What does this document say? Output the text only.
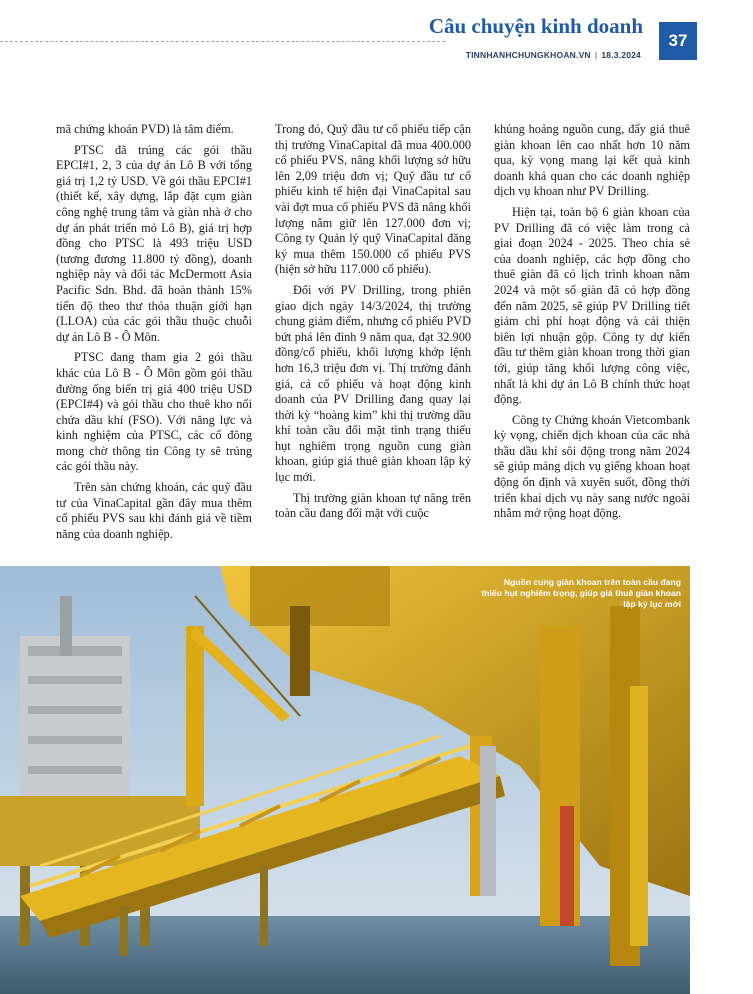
Câu chuyện kinh doanh
TINNHANHCHUNGKHOAN.VN | 18.3.2024
37

mã chứng khoán PVD) là tâm điểm.

PTSC đã trúng các gói thầu EPCI#1, 2, 3 của dự án Lô B với tổng giá trị 1,2 tỷ USD. Về gói thầu EPCI#1 (thiết kế, xây dựng, lắp đặt cụm giàn công nghệ trung tâm và giàn nhà ở cho dự án phát triển mỏ Lô B), giá trị hợp đồng cho PTSC là 493 triệu USD (tương đương 11.800 tỷ đồng), doanh nghiệp này và đối tác McDermott Asia Pacific Sdn. Bhd. đã hoàn thành 15% tiến độ theo thư thỏa thuận giới hạn (LLOA) của các gói thầu thuộc chuỗi dự án Lô B - Ô Môn.

PTSC đang tham gia 2 gói thầu khác của Lô B - Ô Môn gồm gói thầu đường ống biển trị giá 400 triệu USD (EPCI#4) và gói thầu cho thuê kho nổi chứa dầu khí (FSO). Với năng lực và kinh nghiệm của PTSC, các cổ đông mong chờ thông tin Công ty sẽ trúng các gói thầu này.

Trên sàn chứng khoán, các quỹ đầu tư của VinaCapital gần đây mua thêm cổ phiếu PVS sau khi đánh giá về tiềm năng của doanh nghiệp.

Trong đó, Quỹ đầu tư cổ phiếu tiếp cận thị trường VinaCapital đã mua 400.000 cổ phiếu PVS, nâng khối lượng sở hữu lên 2,09 triệu đơn vị; Quỹ đầu tư cổ phiếu kinh tế hiện đại VinaCapital sau vài đợt mua cổ phiếu PVS đã nâng khối lượng nắm giữ lên 127.000 đơn vị; Công ty Quản lý quỹ VinaCapital đăng ký mua thêm 150.000 cổ phiếu PVS (hiện sở hữu 117.000 cổ phiếu).

Đối với PV Drilling, trong phiên giao dịch ngày 14/3/2024, thị trường chung giảm điểm, nhưng cổ phiếu PVD bứt phá lên đỉnh 9 năm qua, đạt 32.900 đồng/cổ phiếu, khối lượng khớp lệnh hơn 16,3 triệu đơn vị. Thị trường đánh giá, cả cổ phiếu và hoạt động kinh doanh của PV Drilling đang quay lại thời kỳ “hoàng kim” khi thị trường dầu khí toàn cầu đối mặt tình trạng thiếu hụt nghiêm trọng nguồn cung giàn khoan, giúp giá thuê giàn khoan lập kỷ lục mới.

Thị trường giàn khoan tự nâng trên toàn cầu đang đối mặt với cuộc

khủng hoảng nguồn cung, đẩy giá thuê giàn khoan lên cao nhất hơn 10 năm qua, kỳ vọng mang lại kết quả kinh doanh khả quan cho các doanh nghiệp dịch vụ khoan như PV Drilling.

Hiện tại, toàn bộ 6 giàn khoan của PV Drilling đã có việc làm trong cả giai đoạn 2024 - 2025. Theo chia sẻ của doanh nghiệp, các hợp đồng cho thuê giàn đã có lịch trình khoan năm 2024 và một số giàn đã có hợp đồng đến năm 2025, sẽ giúp PV Drilling tiết giảm chi phí hoạt động và cải thiện biên lợi nhuận gộp. Công ty dự kiến đầu tư thêm giàn khoan trong thời gian tới, giúp tăng khối lượng công việc, nhất là khi dự án Lô B chính thức hoạt động.

Công ty Chứng khoán Vietcombank kỳ vọng, chiến dịch khoan của các nhà thầu dầu khí sôi động trong năm 2024 sẽ giúp mảng dịch vụ giếng khoan hoạt động ổn định và xuyên suốt, đồng thời triển khai dịch vụ này sang nước ngoài nhằm mở rộng hoạt động.

Nguồn cung giàn khoan trên toàn cầu đang thiếu hụt nghiêm trọng, giúp giá thuê giàn khoan lập kỷ lục mới
